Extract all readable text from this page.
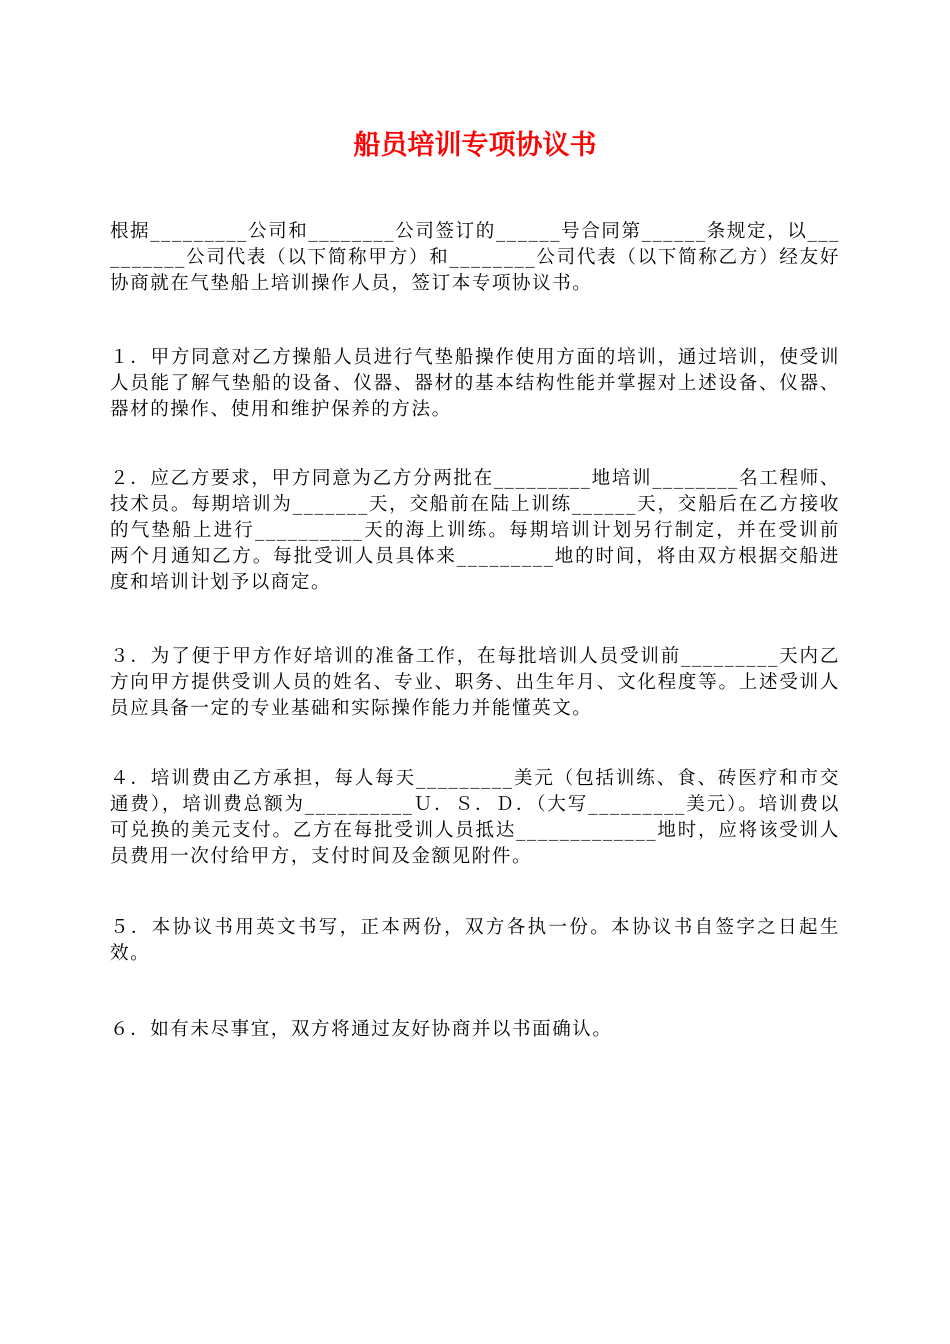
船员培训专项协议书
根据_________公司和________公司签订的______号合同第______条规定，以__________公司代表（以下简称甲方）和________公司代表（以下简称乙方）经友好协商就在气垫船上培训操作人员，签订本专项协议书。
１．甲方同意对乙方操船人员进行气垫船操作使用方面的培训，通过培训，使受训人员能了解气垫船的设备、仪器、器材的基本结构性能并掌握对上述设备、仪器、器材的操作、使用和维护保养的方法。
２．应乙方要求，甲方同意为乙方分两批在_________地培训________名工程师、技术员。每期培训为_______天，交船前在陆上训练______天，交船后在乙方接收的气垫船上进行__________天的海上训练。每期培训计划另行制定，并在受训前两个月通知乙方。每批受训人员具体来_________地的时间，将由双方根据交船进度和培训计划予以商定。
３．为了便于甲方作好培训的准备工作，在每批培训人员受训前_________天内乙方向甲方提供受训人员的姓名、专业、职务、出生年月、文化程度等。上述受训人员应具备一定的专业基础和实际操作能力并能懂英文。
４．培训费由乙方承担，每人每天_________美元（包括训练、食、砖医疗和市交通费），培训费总额为__________Ｕ．Ｓ．Ｄ．（大写_________美元）。培训费以可兑换的美元支付。乙方在每批受训人员抵达_____________地时，应将该受训人员费用一次付给甲方，支付时间及金额见附件。
５．本协议书用英文书写，正本两份，双方各执一份。本协议书自签字之日起生效。
６．如有未尽事宜，双方将通过友好协商并以书面确认。
